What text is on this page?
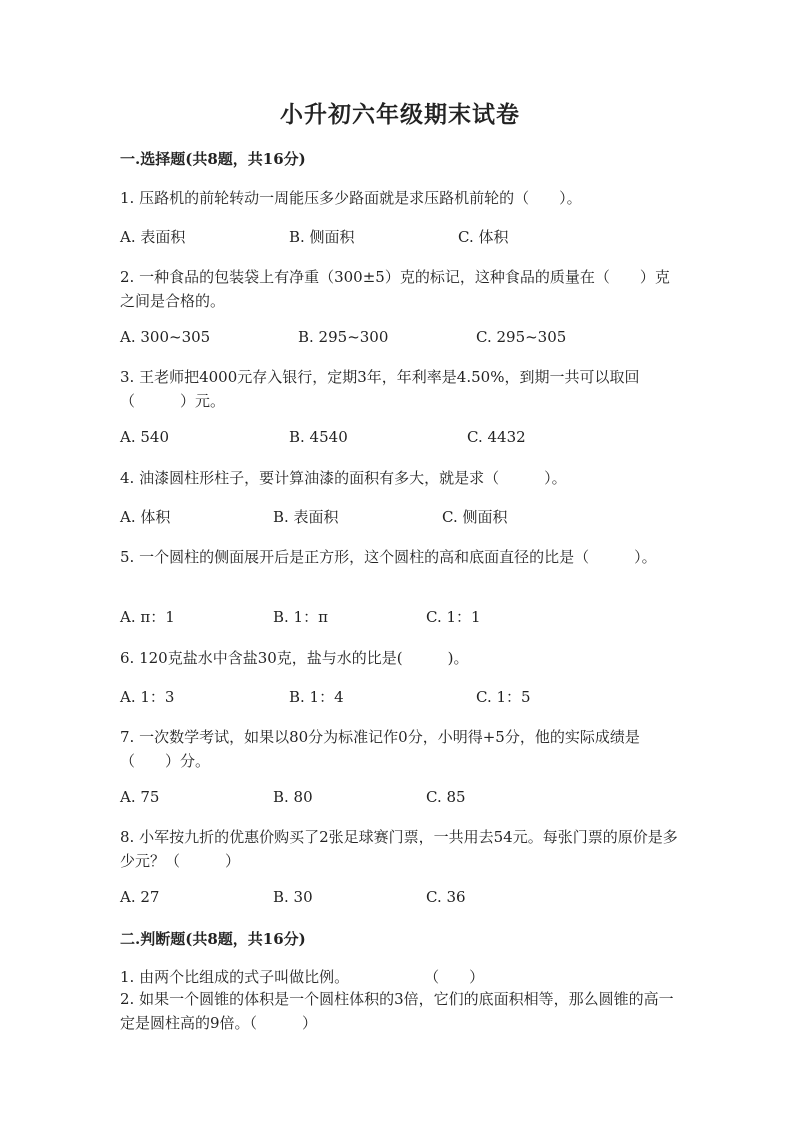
小升初六年级期末试卷
一.选择题(共8题，共16分)
1. 压路机的前轮转动一周能压多少路面就是求压路机前轮的（　　）。
A. 表面积	B. 侧面积	C. 体积
2. 一种食品的包装袋上有净重（300±5）克的标记，这种食品的质量在（　　）克之间是合格的。
A. 300~305	B. 295~300	C. 295~305
3. 王老师把4000元存入银行，定期3年，年利率是4.50%，到期一共可以取回（　　　）元。
A. 540	B. 4540	C. 4432
4. 油漆圆柱形柱子，要计算油漆的面积有多大，就是求（　　　）。
A. 体积	B. 表面积	C. 侧面积
5. 一个圆柱的侧面展开后是正方形，这个圆柱的高和底面直径的比是（　　　）。
A. π：1	B. 1：π	C. 1：1
6. 120克盐水中含盐30克，盐与水的比是(　　　)。
A. 1：3	B. 1：4	C. 1：5
7. 一次数学考试，如果以80分为标准记作0分，小明得+5分，他的实际成绩是（　　）分。
A. 75	B. 80	C. 85
8. 小军按九折的优惠价购买了2张足球赛门票，一共用去54元。每张门票的原价是多少元？（　　　）
A. 27	B. 30	C. 36
二.判断题(共8题，共16分)
1. 由两个比组成的式子叫做比例。　　　　　　（　　）
2. 如果一个圆锥的体积是一个圆柱体积的3倍，它们的底面积相等，那么圆锥的高一定是圆柱高的9倍。（　　　）
